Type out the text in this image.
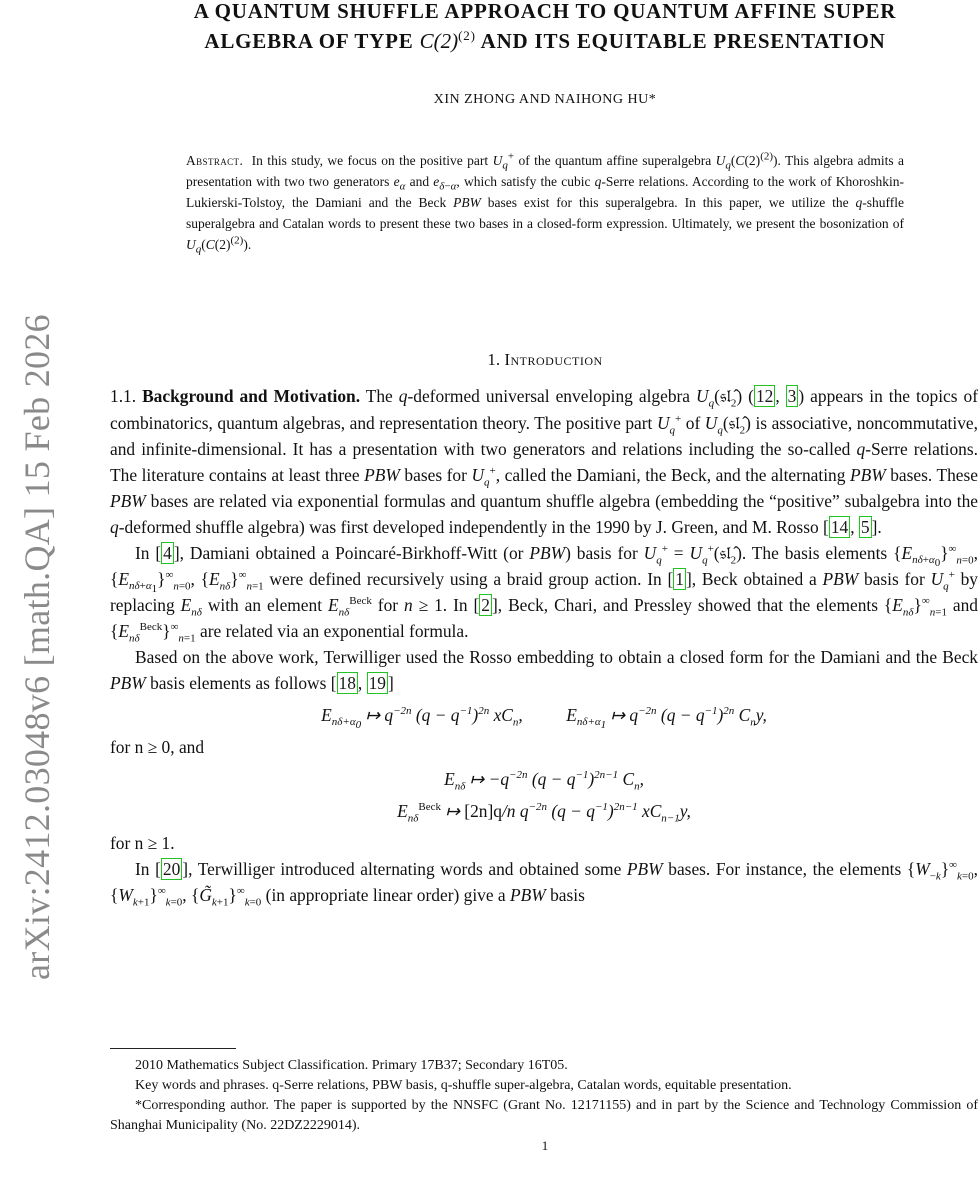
arXiv:2412.03048v6 [math.QA] 15 Feb 2026
A QUANTUM SHUFFLE APPROACH TO QUANTUM AFFINE SUPER
ALGEBRA OF TYPE $C(2)^{(2)}$ AND ITS EQUITABLE PRESENTATION
XIN ZHONG AND NAIHONG HU*
Abstract. In this study, we focus on the positive part $U_q^+$ of the quantum affine superalgebra $U_q(C(2)^{(2)})$. This algebra admits a presentation with two two generators $e_\alpha$ and $e_{\delta-\alpha}$, which satisfy the cubic q-Serre relations. According to the work of Khoroshkin-Lukierski-Tolstoy, the Damiani and the Beck PBW bases exist for this superalgebra. In this paper, we utilize the q-shuffle superalgebra and Catalan words to present these two bases in a closed-form expression. Ultimately, we present the bosonization of $U_q(C(2)^{(2)})$.
1. Introduction

1.1. Background and Motivation. The q-deformed universal enveloping algebra $U_q(𝔰𝔩_2̂)$ ( 12 , 3 ) appears in the topics of combinatorics, quantum algebras, and representation theory. The positive part $U_q^+$ of $U_q(𝔰𝔩_2̂)$ is associative, noncommutative, and infinite-dimensional. It has a presentation with two generators and relations including the so-called q-Serre relations. The literature contains at least three PBW bases for $U_q^+$, called the Damiani, the Beck, and the alternating PBW bases. These PBW bases are related via exponential formulas and quantum shuffle algebra (embedding the “positive” subalgebra into the q-deformed shuffle algebra) was first developed independently in the 1990 by J. Green, and M. Rosso [ 14 , 5 ].

In [ 4 ], Damiani obtained a Poincaré-Birkhoff-Witt (or PBW) basis for $U_q^+$ = $U_q^+(𝔰𝔩_2̂)$. The basis elements $\{E_{n\delta+\alpha_0}\}^\infty_{n=0}$, $\{E_{n\delta+\alpha_1}\}^\infty_{n=0}$, $\{E_{n\delta}\}^\infty_{n=1}$ were defined recursively using a braid group action. In [ 1 ], Beck obtained a PBW basis for $U_q^+$ by replacing $E_{n\delta}$ with an element $E_{n\delta}^{Beck}$ for n ≥ 1. In [ 2 ], Beck, Chari, and Pressley showed that the elements $\{E_{n\delta}\}^\infty_{n=1}$ and $\{E_{n\delta}^{Beck}\}^\infty_{n=1}$ are related via an exponential formula.

Based on the above work, Terwilliger used the Rosso embedding to obtain a closed form for the Damiani and the Beck PBW basis elements as follows [ 18 , 19 ]

$E_{n\delta+\alpha_0}$ ↦ $q^{-2n}$ $(q - q^{-1})^{2n}$ $xC_n$,          $E_{n\delta+\alpha_1}$ ↦ $q^{-2n}$ $(q - q^{-1})^{2n}$ $C_ny$,

for n ≥ 0, and

$E_{n\delta}$ ↦ $-q^{-2n}$ $(q - q^{-1})^{2n-1}$ $C_n$,
$E_{n\delta}^{Beck}$ ↦ [2n]q/n $q^{-2n}$ $(q - q^{-1})^{2n-1}$ $xC_{n-1}y$,

for n ≥ 1.

In [ 20 ], Terwilliger introduced alternating words and obtained some PBW bases. For instance, the elements $\{W_{-k}\}^\infty_{k=0}$, $\{W_{k+1}\}^\infty_{k=0}$, $\{G̃_{k+1}\}^\infty_{k=0}$ (in appropriate linear order) give a PBW basis

2010 Mathematics Subject Classification. Primary 17B37; Secondary 16T05.

Key words and phrases. q-Serre relations, PBW basis, q-shuffle super-algebra, Catalan words, equitable presentation.

*Corresponding author. The paper is supported by the NNSFC (Grant No. 12171155) and in part by the Science and Technology Commission of Shanghai Municipality (No. 22DZ2229014).

1
